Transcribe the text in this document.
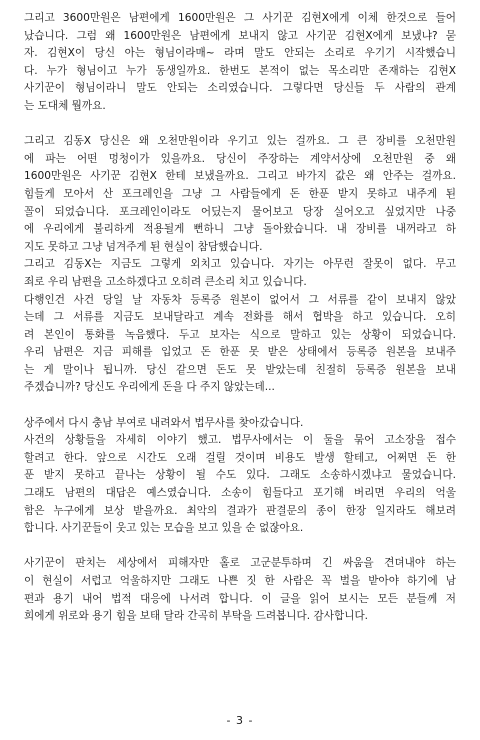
그리고 3600만원은 남편에게 1600만원은 그 사기꾼 김현X에게 이체 한것으로 들어
났습니다. 그럼 왜 1600만원은 남편에게 보내지 않고 사기꾼 김현X에게 보냈냐? 묻
자. 김현X이 당신 아는 형님이라매~ 라며 말도 안되는 소리로 우기기 시작했습니
다. 누가 형님이고 누가 동생일까요. 한번도 본적이 없는 목소리만 존재하는 김현X
사기꾼이 형님이라니 말도 안되는 소리였습니다. 그렇다면 당신들 두 사람의 관계
는 도대체 뭘까요.
그리고 김동X 당신은 왜 오천만원이라 우기고 있는 걸까요. 그 큰 장비를 오천만원
에 파는 어떤 멍청이가 있을까요. 당신이 주장하는 계약서상에 오천만원 중 왜
1600만원은 사기꾼 김현X 한테 보냈을까요. 그리고 바가지 값은 왜 안주는 걸까요.
힘들게 모아서 산 포크레인을 그냥 그 사람들에게 돈 한푼 받지 못하고 내주게 된
꼴이 되었습니다. 포크레인이라도 어딨는지 물어보고 당장 실어오고 싶었지만 나중
에 우리에게 불리하게 적용될게 뻔하니 그냥 돌아왔습니다. 내 장비를 내꺼라고 하
지도 못하고 그냥 넘겨주게 된 현실이 참담했습니다.
그리고 김동X는 지금도 그렇게 외치고 있습니다. 자기는 아무런 잘못이 없다. 무고
죄로 우리 남편을 고소하겠다고 오히려 큰소리 치고 있습니다.
다행인건 사건 당일 날 자동차 등록증 원본이 없어서 그 서류를 같이 보내지 않았
는데 그 서류를 지금도 보내달라고 계속 전화를 해서 협박을 하고 있습니다. 오히
려 본인이 통화를 녹음했다. 두고 보자는 식으로 말하고 있는 상황이 되었습니다.
우리 남편은 지금 피해를 입었고 돈 한푼 못 받은 상태에서 등록증 원본을 보내주
는 게 말이나 됩니까. 당신 같으면 돈도 못 받았는데 친절히 등록증 원본을 보내
주겠습니까? 당신도 우리에게 돈을 다 주지 않았는데...
상주에서 다시 충남 부여로 내려와서 법무사를 찾아갔습니다.
사건의 상황들을 자세히 이야기 했고. 법무사에서는 이 둘을 묶어 고소장을 접수
할려고 한다. 앞으로 시간도 오래 걸릴 것이며 비용도 발생 할테고, 어쩌면 돈 한
푼 받지 못하고 끝나는 상황이 될 수도 있다. 그래도 소송하시겠냐고 물었습니다.
그래도 남편의 대답은 예스였습니다. 소송이 힘들다고 포기해 버리면 우리의 억울
함은 누구에게 보상 받을까요. 최악의 결과가 판결문의 종이 한장 일지라도 해보려
합니다. 사기꾼들이 웃고 있는 모습을 보고 있을 순 없잖아요.
사기꾼이 판치는 세상에서 피해자만 홀로 고군분투하며 긴 싸움을 견뎌내야 하는
이 현실이 서럽고 억울하지만 그래도 나쁜 짓 한 사람은 꼭 벌을 받아야 하기에 남
편과 용기 내어 법적 대응에 나서려 합니다. 이 글을 읽어 보시는 모든 분들께 저
희에게 위로와 용기 힘을 보태 달라 간곡히 부탁을 드려봅니다. 감사합니다.
- 3 -
